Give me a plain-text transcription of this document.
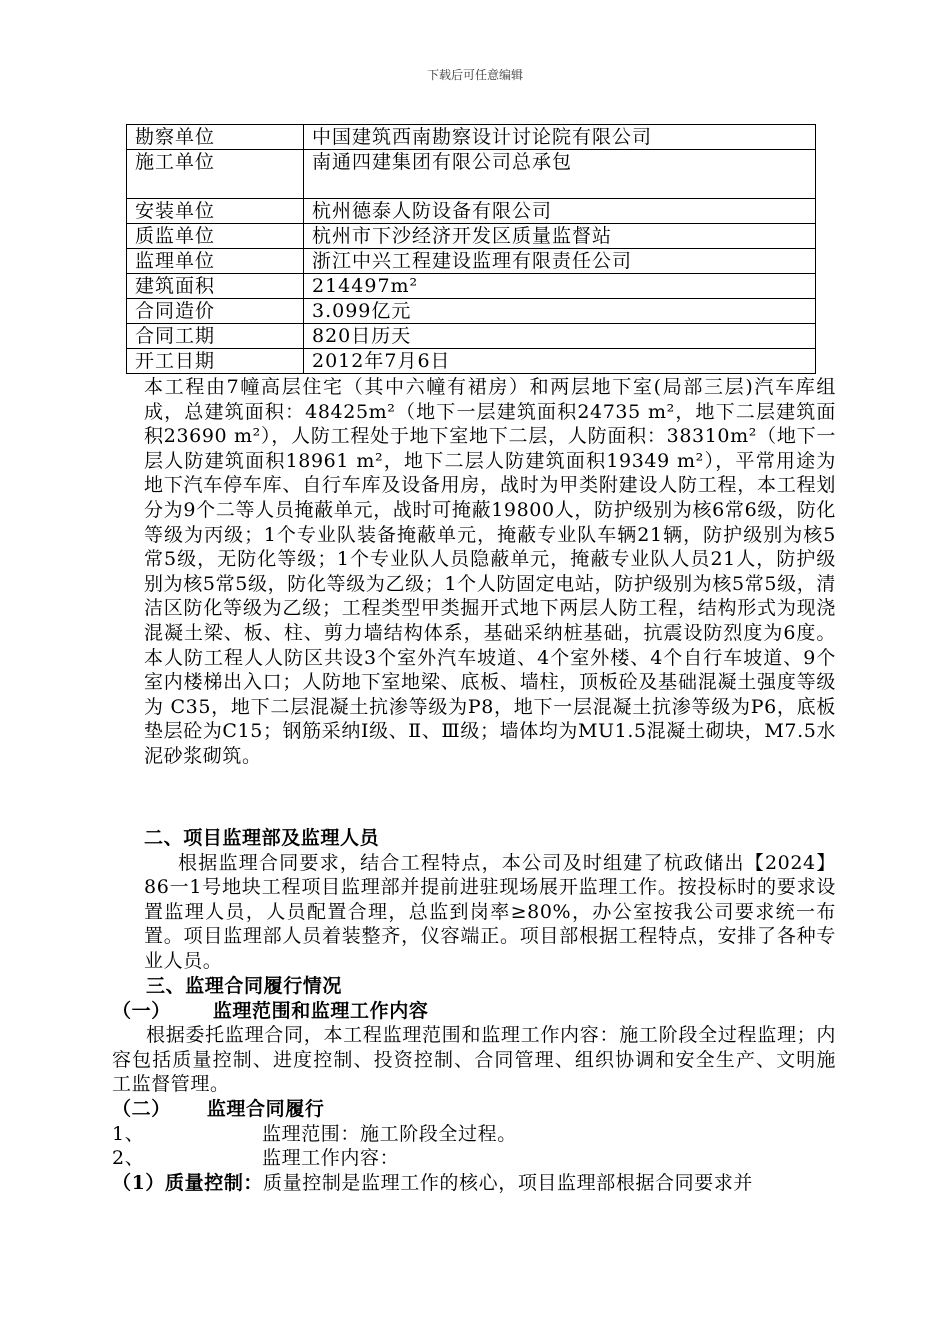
下载后可任意编辑
勘察单位	中国建筑西南勘察设计讨论院有限公司
施工单位	南通四建集团有限公司总承包
安装单位	杭州德泰人防设备有限公司
质监单位	杭州市下沙经济开发区质量监督站
监理单位	浙江中兴工程建设监理有限责任公司
建筑面积	214497m²
合同造价	3.099亿元
合同工期	820日历天
开工日期	2012年7月6日

本工程由7幢高层住宅（其中六幢有裙房）和两层地下室(局部三层)汽车库组成，总建筑面积：48425m²（地下一层建筑面积24735 m²，地下二层建筑面积23690 m²），人防工程处于地下室地下二层，人防面积：38310m²（地下一层人防建筑面积18961 m²，地下二层人防建筑面积19349 m²），平常用途为地下汽车停车库、自行车库及设备用房，战时为甲类附建设人防工程，本工程划分为9个二等人员掩蔽单元，战时可掩蔽19800人，防护级别为核6常6级，防化等级为丙级；1个专业队装备掩蔽单元，掩蔽专业队车辆21辆，防护级别为核5常5级，无防化等级；1个专业队人员隐蔽单元，掩蔽专业队人员21人，防护级别为核5常5级，防化等级为乙级；1个人防固定电站，防护级别为核5常5级，清洁区防化等级为乙级；工程类型甲类掘开式地下两层人防工程，结构形式为现浇混凝土梁、板、柱、剪力墙结构体系，基础采纳桩基础，抗震设防烈度为6度。本人防工程人人防区共设3个室外汽车坡道、4个室外楼、4个自行车坡道、9个室内楼梯出入口；人防地下室地梁、底板、墙柱，顶板砼及基础混凝土强度等级为 C35，地下二层混凝土抗渗等级为P8，地下一层混凝土抗渗等级为P6，底板垫层砼为C15；钢筋采纳Ⅰ级、Ⅱ、Ⅲ级；墙体均为MU1.5混凝土砌块，M7.5水泥砂浆砌筑。

二、项目监理部及监理人员

根据监理合同要求，结合工程特点，本公司及时组建了杭政储出【2024】86一1号地块工程项目监理部并提前进驻现场展开监理工作。按投标时的要求设置监理人员，人员配置合理，总监到岗率≥80%，办公室按我公司要求统一布置。项目监理部人员着装整齐，仪容端正。项目部根据工程特点，安排了各种专业人员。

三、监理合同履行情况

（一） 监理范围和监理工作内容

根据委托监理合同，本工程监理范围和监理工作内容：施工阶段全过程监理；内容包括质量控制、进度控制、投资控制、合同管理、组织协调和安全生产、文明施工监督管理。

（二） 监理合同履行

1、	监理范围：施工阶段全过程。

2、	监理工作内容：

（1）质量控制：质量控制是监理工作的核心，项目监理部根据合同要求并
